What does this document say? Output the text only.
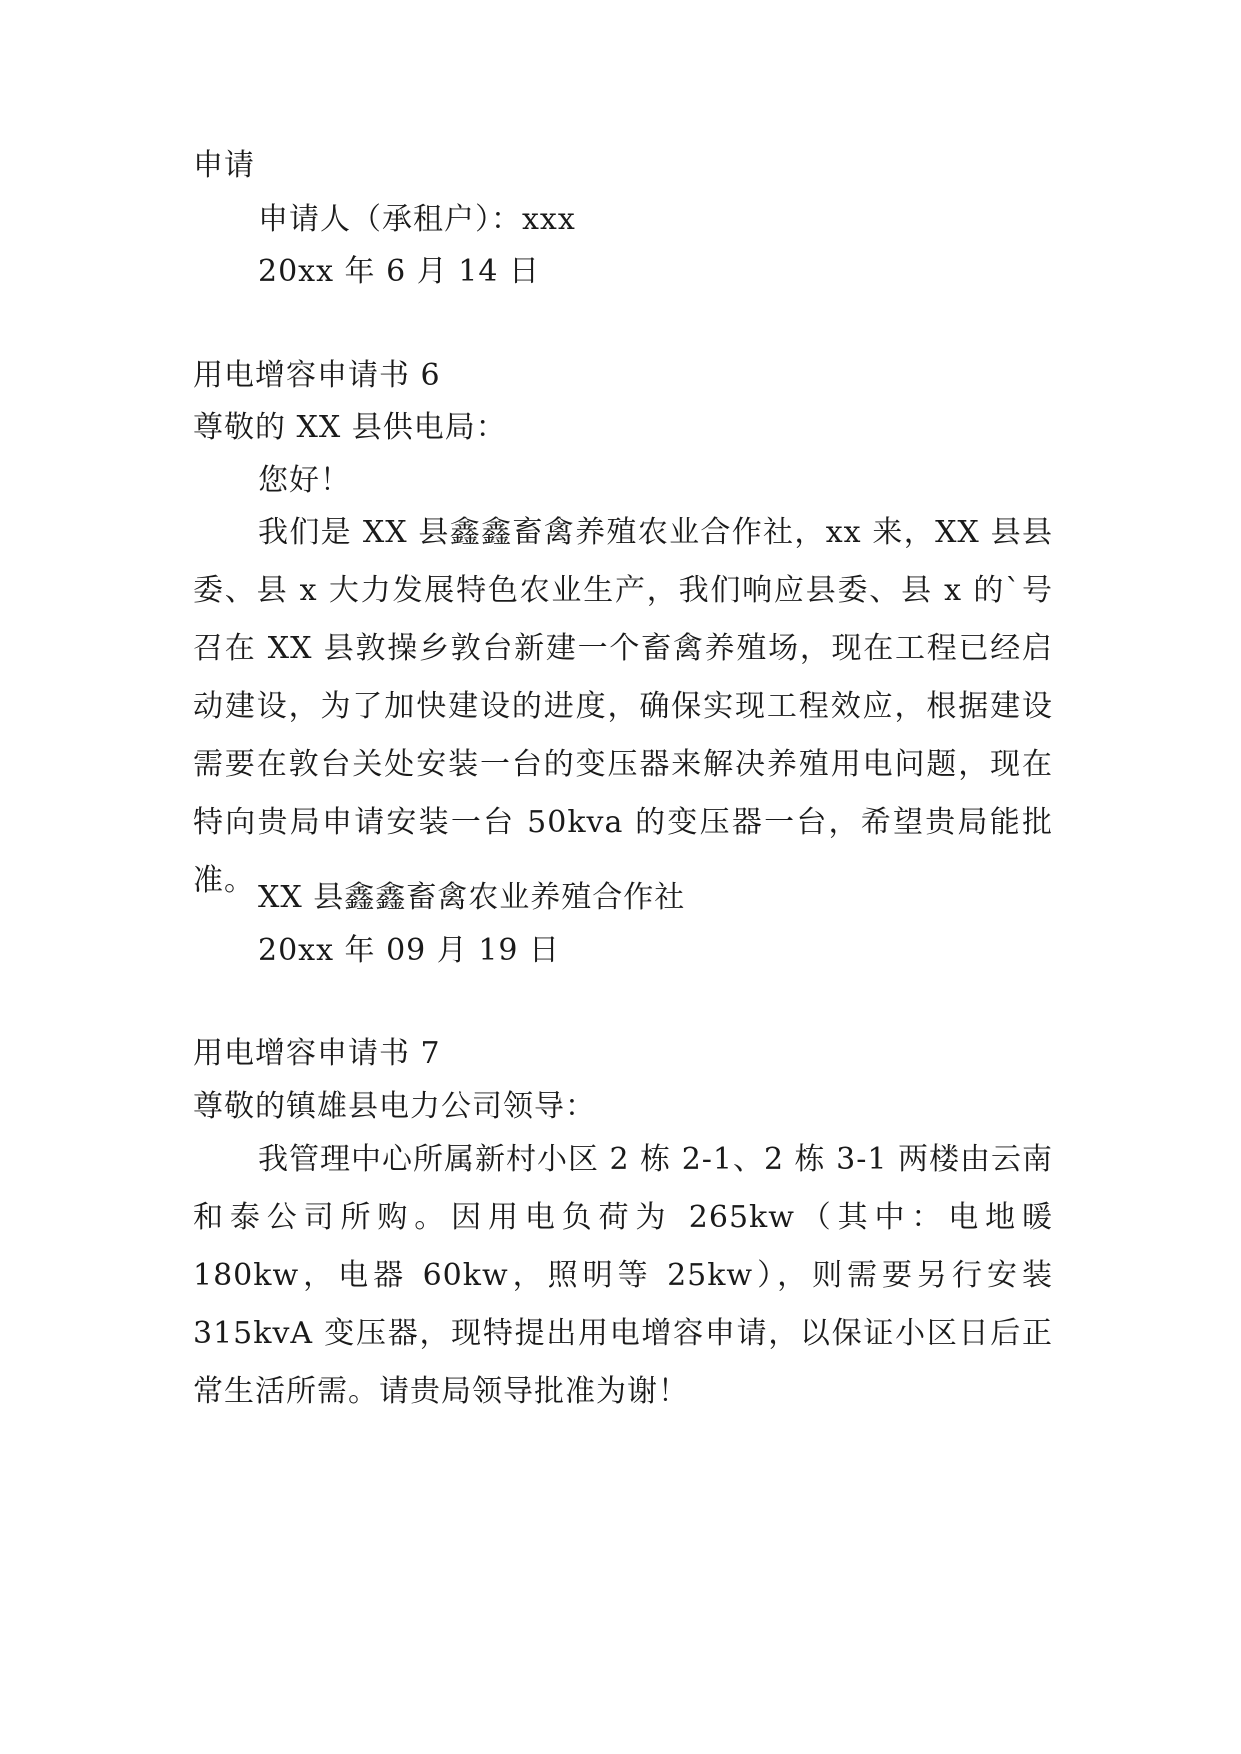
申请
申请人（承租户）：xxx
20xx 年 6 月 14 日
用电增容申请书 6
尊敬的 XX 县供电局：
您好！
我们是 XX 县鑫鑫畜禽养殖农业合作社，xx 来，XX 县县委、县 x 大力发展特色农业生产，我们响应县委、县 x 的`号召在 XX 县敦操乡敦台新建一个畜禽养殖场，现在工程已经启动建设，为了加快建设的进度，确保实现工程效应，根据建设需要在敦台关处安装一台的变压器来解决养殖用电问题，现在特向贵局申请安装一台 50kva 的变压器一台，希望贵局能批准。 XX 县鑫鑫畜禽农业养殖合作社
20xx 年 09 月 19 日
用电增容申请书 7
尊敬的镇雄县电力公司领导：
我管理中心所属新村小区 2 栋 2-1、2 栋 3-1 两楼由云南和泰公司所购。因用电负荷为 265kw（其中：电地暖 180kw，电器 60kw，照明等 25kw），则需要另行安装 315kvA 变压器，现特提出用电增容申请，以保证小区日后正常生活所需。请贵局领导批准为谢！
